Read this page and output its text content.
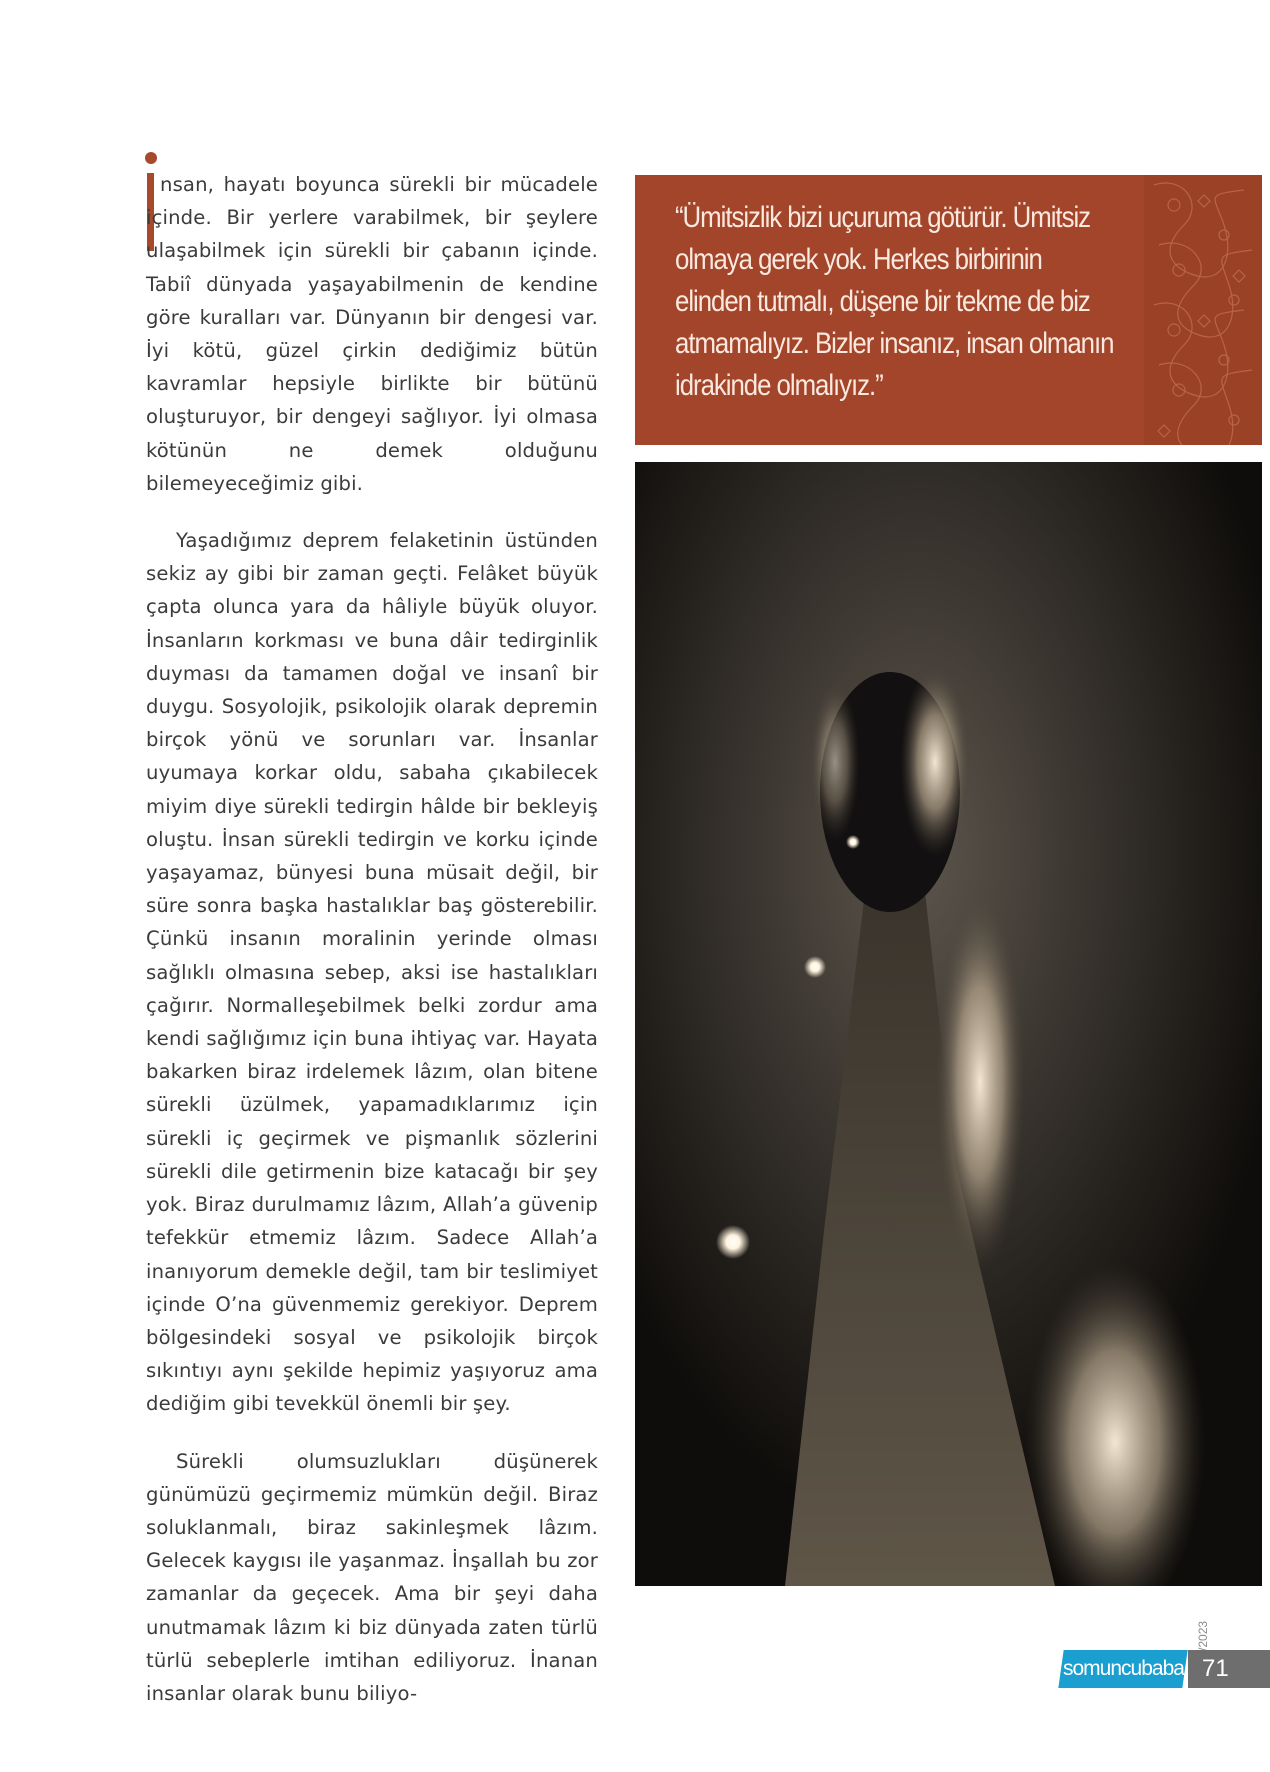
nsan, hayatı boyunca sürekli bir mücadele içinde. Bir yerlere varabilmek, bir şeylere ulaşabilmek için sürekli bir çabanın içinde. Tabiî dünyada yaşayabilmenin de kendine göre kuralları var. Dünyanın bir dengesi var. İyi kötü, güzel çirkin dediğimiz bütün kavramlar hepsiyle birlikte bir bütünü oluşturuyor, bir dengeyi sağlıyor. İyi olmasa kötünün ne demek olduğunu bilemeyeceğimiz gibi.

Yaşadığımız deprem felaketinin üstünden sekiz ay gibi bir zaman geçti. Felâket büyük çapta olunca yara da hâliyle büyük oluyor. İnsanların korkması ve buna dâir tedirginlik duyması da tamamen doğal ve insanî bir duygu. Sosyolojik, psikolojik olarak depremin birçok yönü ve sorunları var. İnsanlar uyumaya korkar oldu, sabaha çıkabilecek miyim diye sürekli tedirgin hâlde bir bekleyiş oluştu. İnsan sürekli tedirgin ve korku içinde yaşayamaz, bünyesi buna müsait değil, bir süre sonra başka hastalıklar baş gösterebilir. Çünkü insanın moralinin yerinde olması sağlıklı olmasına sebep, aksi ise hastalıkları çağırır. Normalleşebilmek belki zordur ama kendi sağlığımız için buna ihtiyaç var. Hayata bakarken biraz irdelemek lâzım, olan bitene sürekli üzülmek, yapamadıklarımız için sürekli iç geçirmek ve pişmanlık sözlerini sürekli dile getirmenin bize katacağı bir şey yok. Biraz durulmamız lâzım, Allah’a güvenip tefekkür etmemiz lâzım. Sadece Allah’a inanıyorum demekle değil, tam bir teslimiyet içinde O’na güvenmemiz gerekiyor. Deprem bölgesindeki sosyal ve psikolojik birçok sıkıntıyı aynı şekilde hepimiz yaşıyoruz ama dediğim gibi tevekkül önemli bir şey.

Sürekli olumsuzlukları düşünerek günümüzü geçirmemiz mümkün değil. Biraz soluklanmalı, biraz sakinleşmek lâzım. Gelecek kaygısı ile yaşanmaz. İnşallah bu zor zamanlar da geçecek. Ama bir şeyi daha unutmamak lâzım ki biz dünyada zaten türlü türlü sebeplerle imtihan ediliyoruz. İnanan insanlar olarak bunu biliyo-

“Ümitsizlik bizi uçuruma götürür. Ümitsiz
olmaya gerek yok. Herkes birbirinin
elinden tutmalı, düşene bir tekme de biz
atmamalıyız. Bizler insanız, insan olmanın
idrakinde olmalıyız.”
somuncubaba 71
